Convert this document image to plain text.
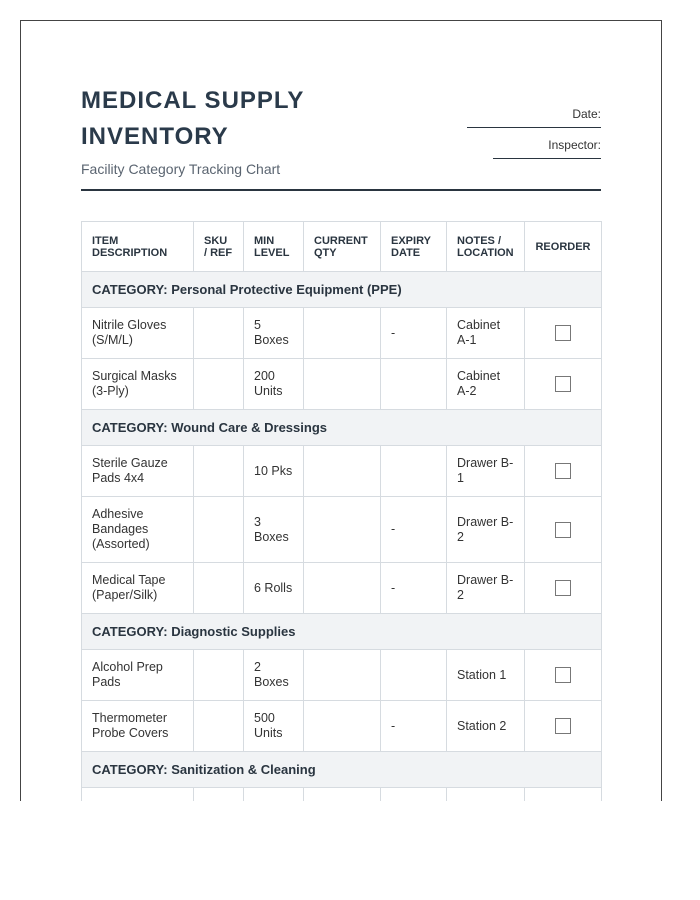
MEDICAL SUPPLY INVENTORY
Facility Category Tracking Chart
Date:
Inspector:
ITEM DESCRIPTION	SKU / REF	MIN LEVEL	CURRENT QTY	EXPIRY DATE	NOTES / LOCATION	REORDER
CATEGORY: Personal Protective Equipment (PPE)						
Nitrile Gloves (S/M/L)		5 Boxes		-	Cabinet A-1	
Surgical Masks (3-Ply)		200 Units			Cabinet A-2	
CATEGORY: Wound Care & Dressings						
Sterile Gauze Pads 4x4		10 Pks			Drawer B-1	
Adhesive Bandages (Assorted)		3 Boxes		-	Drawer B-2	
Medical Tape (Paper/Silk)		6 Rolls		-	Drawer B-2	
CATEGORY: Diagnostic Supplies						
Alcohol Prep Pads		2 Boxes			Station 1	
Thermometer Probe Covers		500 Units		-	Station 2	
CATEGORY: Sanitization & Cleaning						
